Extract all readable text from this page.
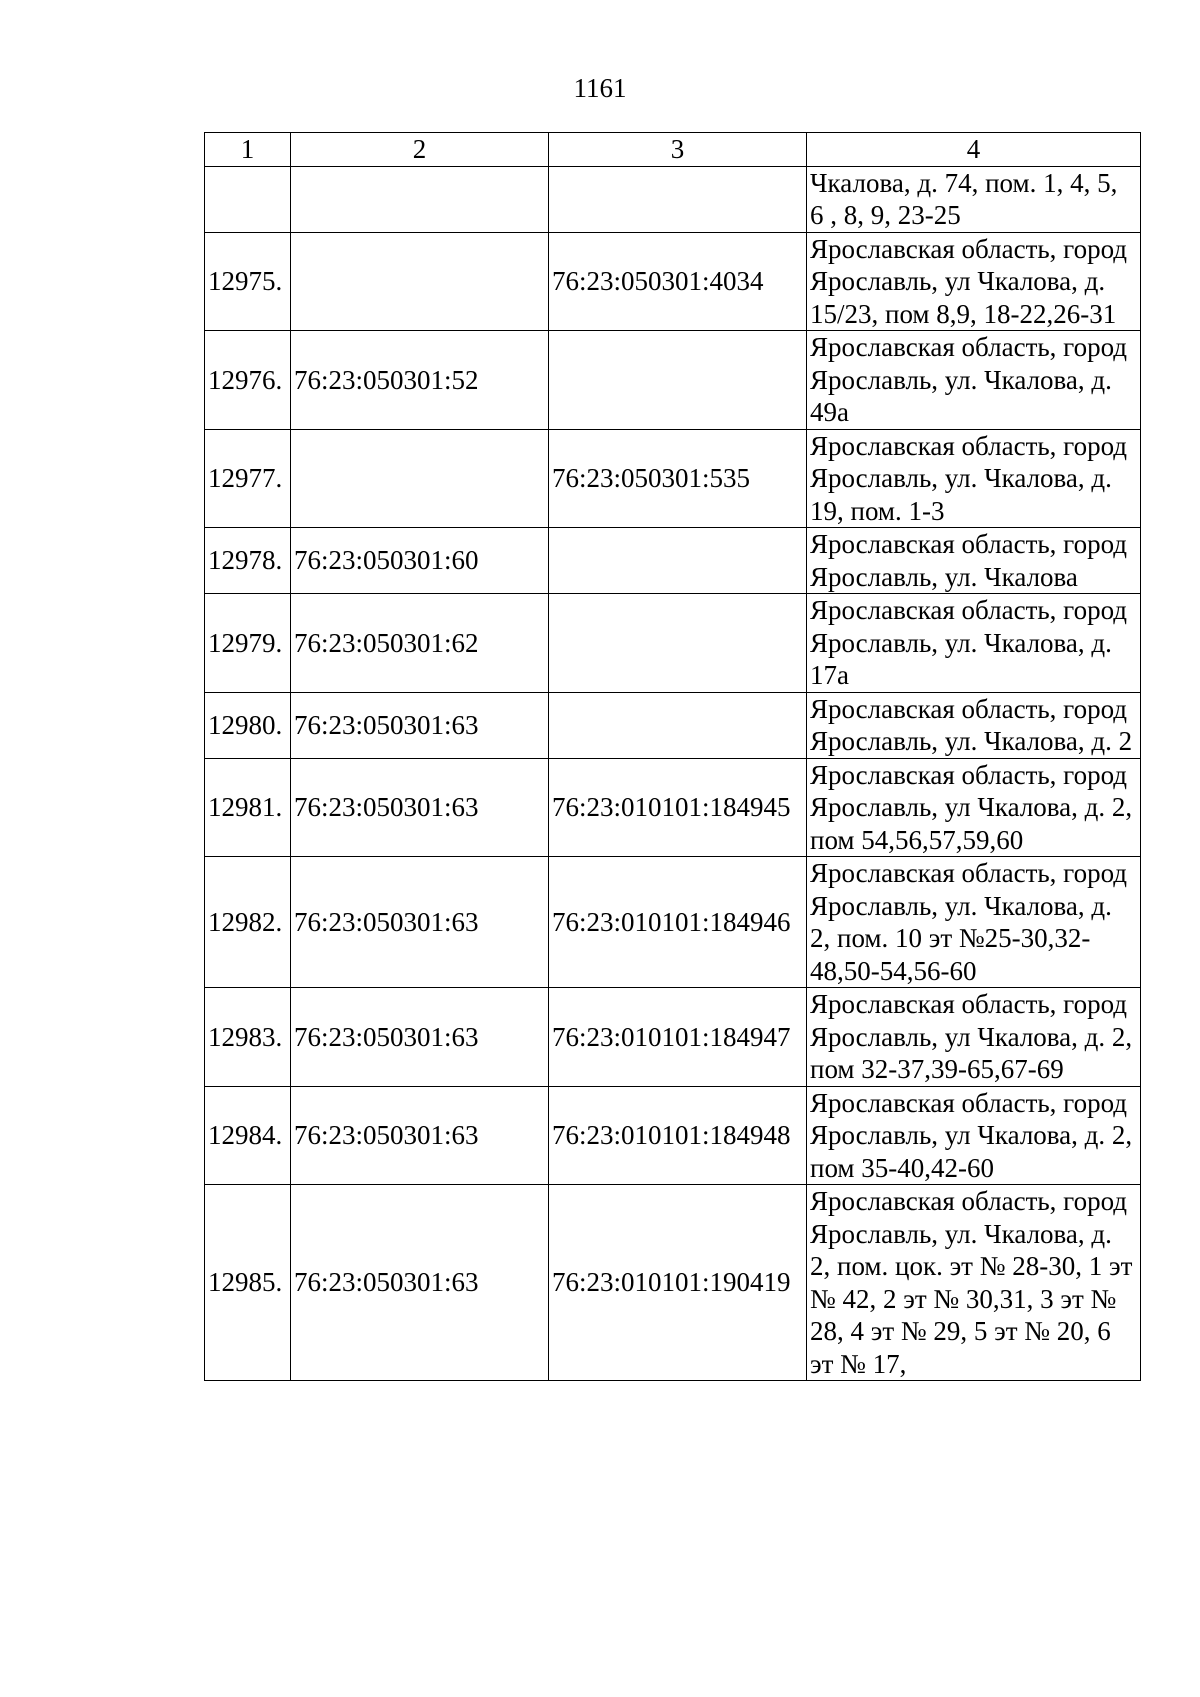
1161
1	2	3	4
			Чкалова, д. 74, пом. 1, 4, 5, 6 , 8, 9, 23-25
12975.		76:23:050301:4034	Ярославская область, город Ярославль, ул Чкалова, д. 15/23, пом 8,9, 18-22,26-31
12976.	76:23:050301:52		Ярославская область, город Ярославль, ул. Чкалова, д. 49а
12977.		76:23:050301:535	Ярославская область, город Ярославль, ул. Чкалова, д. 19, пом. 1-3
12978.	76:23:050301:60		Ярославская область, город Ярославль, ул. Чкалова
12979.	76:23:050301:62		Ярославская область, город Ярославль, ул. Чкалова, д. 17а
12980.	76:23:050301:63		Ярославская область, город Ярославль, ул. Чкалова, д. 2
12981.	76:23:050301:63	76:23:010101:184945	Ярославская область, город Ярославль, ул Чкалова, д. 2, пом 54,56,57,59,60
12982.	76:23:050301:63	76:23:010101:184946	Ярославская область, город Ярославль, ул. Чкалова, д. 2, пом. 10 эт №25-30,32-48,50-54,56-60
12983.	76:23:050301:63	76:23:010101:184947	Ярославская область, город Ярославль, ул Чкалова, д. 2, пом 32-37,39-65,67-69
12984.	76:23:050301:63	76:23:010101:184948	Ярославская область, город Ярославль, ул Чкалова, д. 2, пом 35-40,42-60
12985.	76:23:050301:63	76:23:010101:190419	Ярославская область, город Ярославль, ул. Чкалова, д. 2, пом. цок. эт № 28-30, 1 эт № 42, 2 эт № 30,31, 3 эт № 28, 4 эт № 29, 5 эт № 20, 6 эт № 17,
